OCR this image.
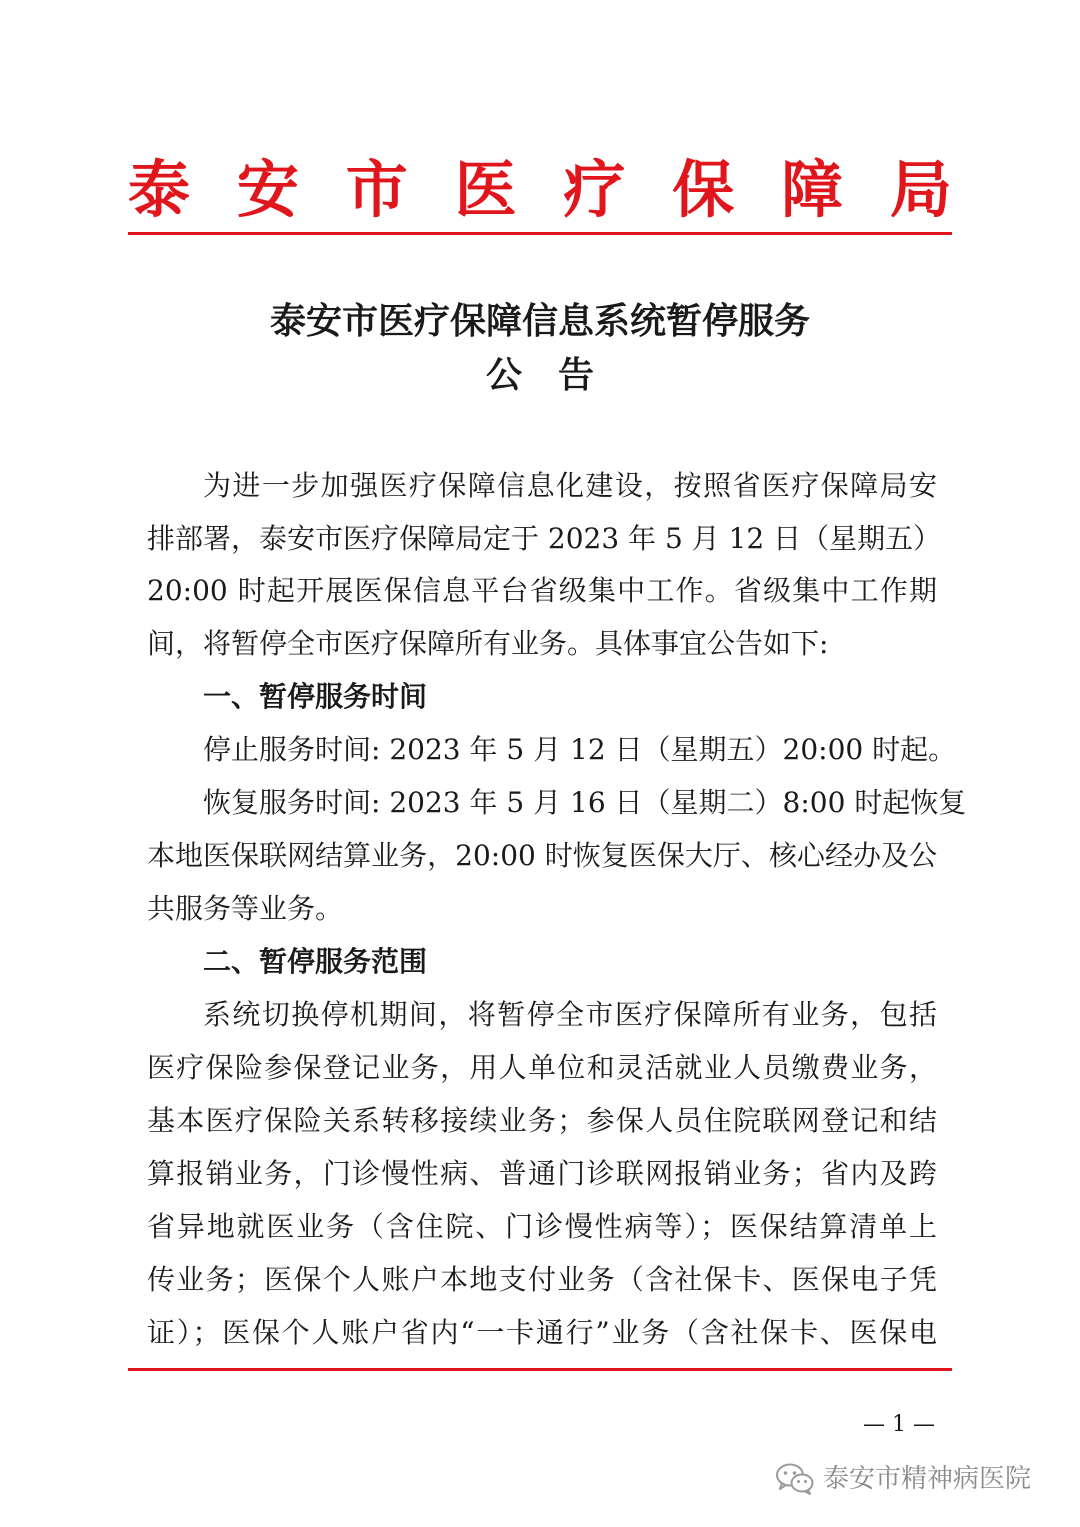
泰 安 市 医 疗 保 障 局
泰安市医疗保障信息系统暂停服务
公告
为进一步加强医疗保障信息化建设，按照省医疗保障局安
排部署，泰安市医疗保障局定于 2023 年 5 月 12 日（星期五）
20:00 时起开展医保信息平台省级集中工作。省级集中工作期
间，将暂停全市医疗保障所有业务。具体事宜公告如下:
一、暂停服务时间
停止服务时间: 2023 年 5 月 12 日（星期五）20:00 时起。
恢复服务时间: 2023 年 5 月 16 日（星期二）8:00 时起恢复
本地医保联网结算业务，20:00 时恢复医保大厅、核心经办及公
共服务等业务。
二、暂停服务范围
系统切换停机期间，将暂停全市医疗保障所有业务，包括
医疗保险参保登记业务，用人单位和灵活就业人员缴费业务，
基本医疗保险关系转移接续业务；参保人员住院联网登记和结
算报销业务，门诊慢性病、普通门诊联网报销业务；省内及跨
省异地就医业务（含住院、门诊慢性病等）；医保结算清单上
传业务；医保个人账户本地支付业务（含社保卡、医保电子凭
证）；医保个人账户省内“一卡通行”业务（含社保卡、医保电
— 1 —
泰安市精神病医院
